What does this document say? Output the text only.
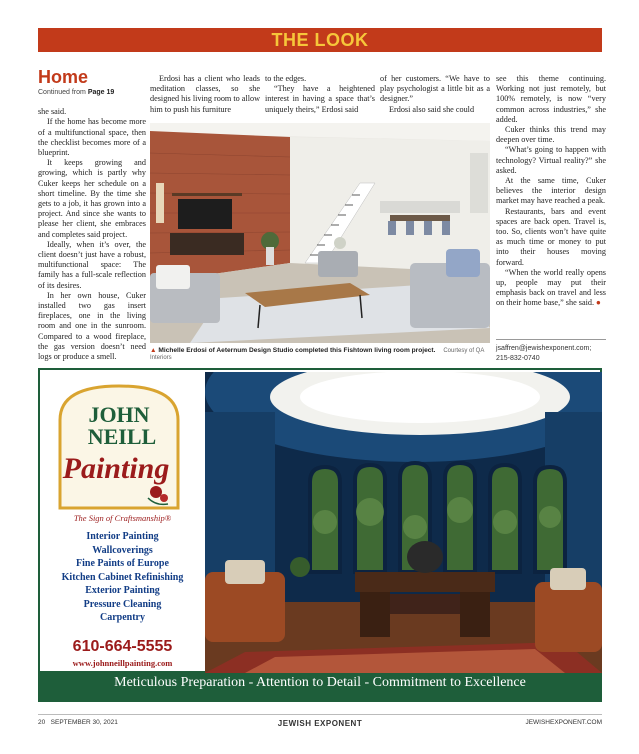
THE LOOK
Home
Continued from Page 19

she said.

If the home has become more of a multifunctional space, then the checklist becomes more of a blueprint.

It keeps growing and growing, which is partly why Cuker keeps her schedule on a short timeline. By the time she gets to a job, it has grown into a project. And since she wants to please her client, she embraces and completes said project.

Ideally, when it’s over, the client doesn’t just have a robust, multifunctional space: The family has a full-scale reflection of its desires.

In her own house, Cuker installed two gas insert fireplaces, one in the living room and one in the sunroom. Compared to a wood fireplace, the gas version doesn’t need logs or produce a smell.

Erdosi has a client who leads meditation classes, so she designed his living room to allow him to push his furniture

to the edges.

“They have a heightened interest in having a space that’s uniquely theirs,” Erdosi said

of her customers. “We have to play psychologist a little bit as a designer.”

Erdosi also said she could

see this theme continuing. Working not just remotely, but 100% remotely, is now “very common across industries,” she added.

Cuker thinks this trend may deepen over time.

“What’s going to happen with technology? Virtual reality?” she asked.

At the same time, Cuker believes the interior design market may have reached a peak.

Restaurants, bars and event spaces are back open. Travel is, too. So, clients won’t have quite as much time or money to put into their houses moving forward.

“When the world really opens up, people may put their emphasis back on travel and less on their home base,” she said. ●

▲ Michelle Erdosi of Aeternum Design Studio completed this Fishtown living room project. Courtesy of QA Interiors
jsaffren@jewishexponent.com;
215-832-0740
JOHN
NEILL
Painting
The Sign of Craftsmanship®
Interior Painting
Wallcoverings
Fine Paints of Europe
Kitchen Cabinet Refinishing
Exterior Painting
Pressure Cleaning
Carpentry
610-664-5555
www.johnneillpainting.com
Meticulous Preparation - Attention to Detail - Commitment to Excellence
20 SEPTEMBER 30, 2021	JEWISH EXPONENT	JEWISHEXPONENT.COM
